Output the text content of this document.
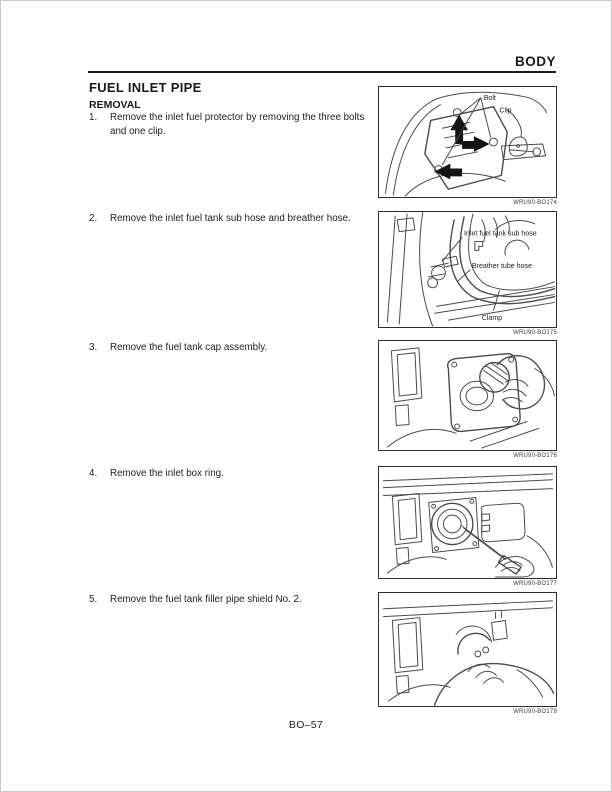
BODY
FUEL INLET PIPE
REMOVAL
1.	Remove the inlet fuel protector by removing the three bolts and one clip.
2.	Remove the inlet fuel tank sub hose and breather hose.
3.	Remove the fuel tank cap assembly.
4.	Remove the inlet box ring.
5.	Remove the fuel tank filler pipe shield No. 2.
Bolt
Clip
WRU90-BO174
Inlet fuel tank sub hose
Breather tube hose
Clamp
WRU90-BO175
WRU90-BO176
WRU90-BO177
WRU90-BO178
BO–57
